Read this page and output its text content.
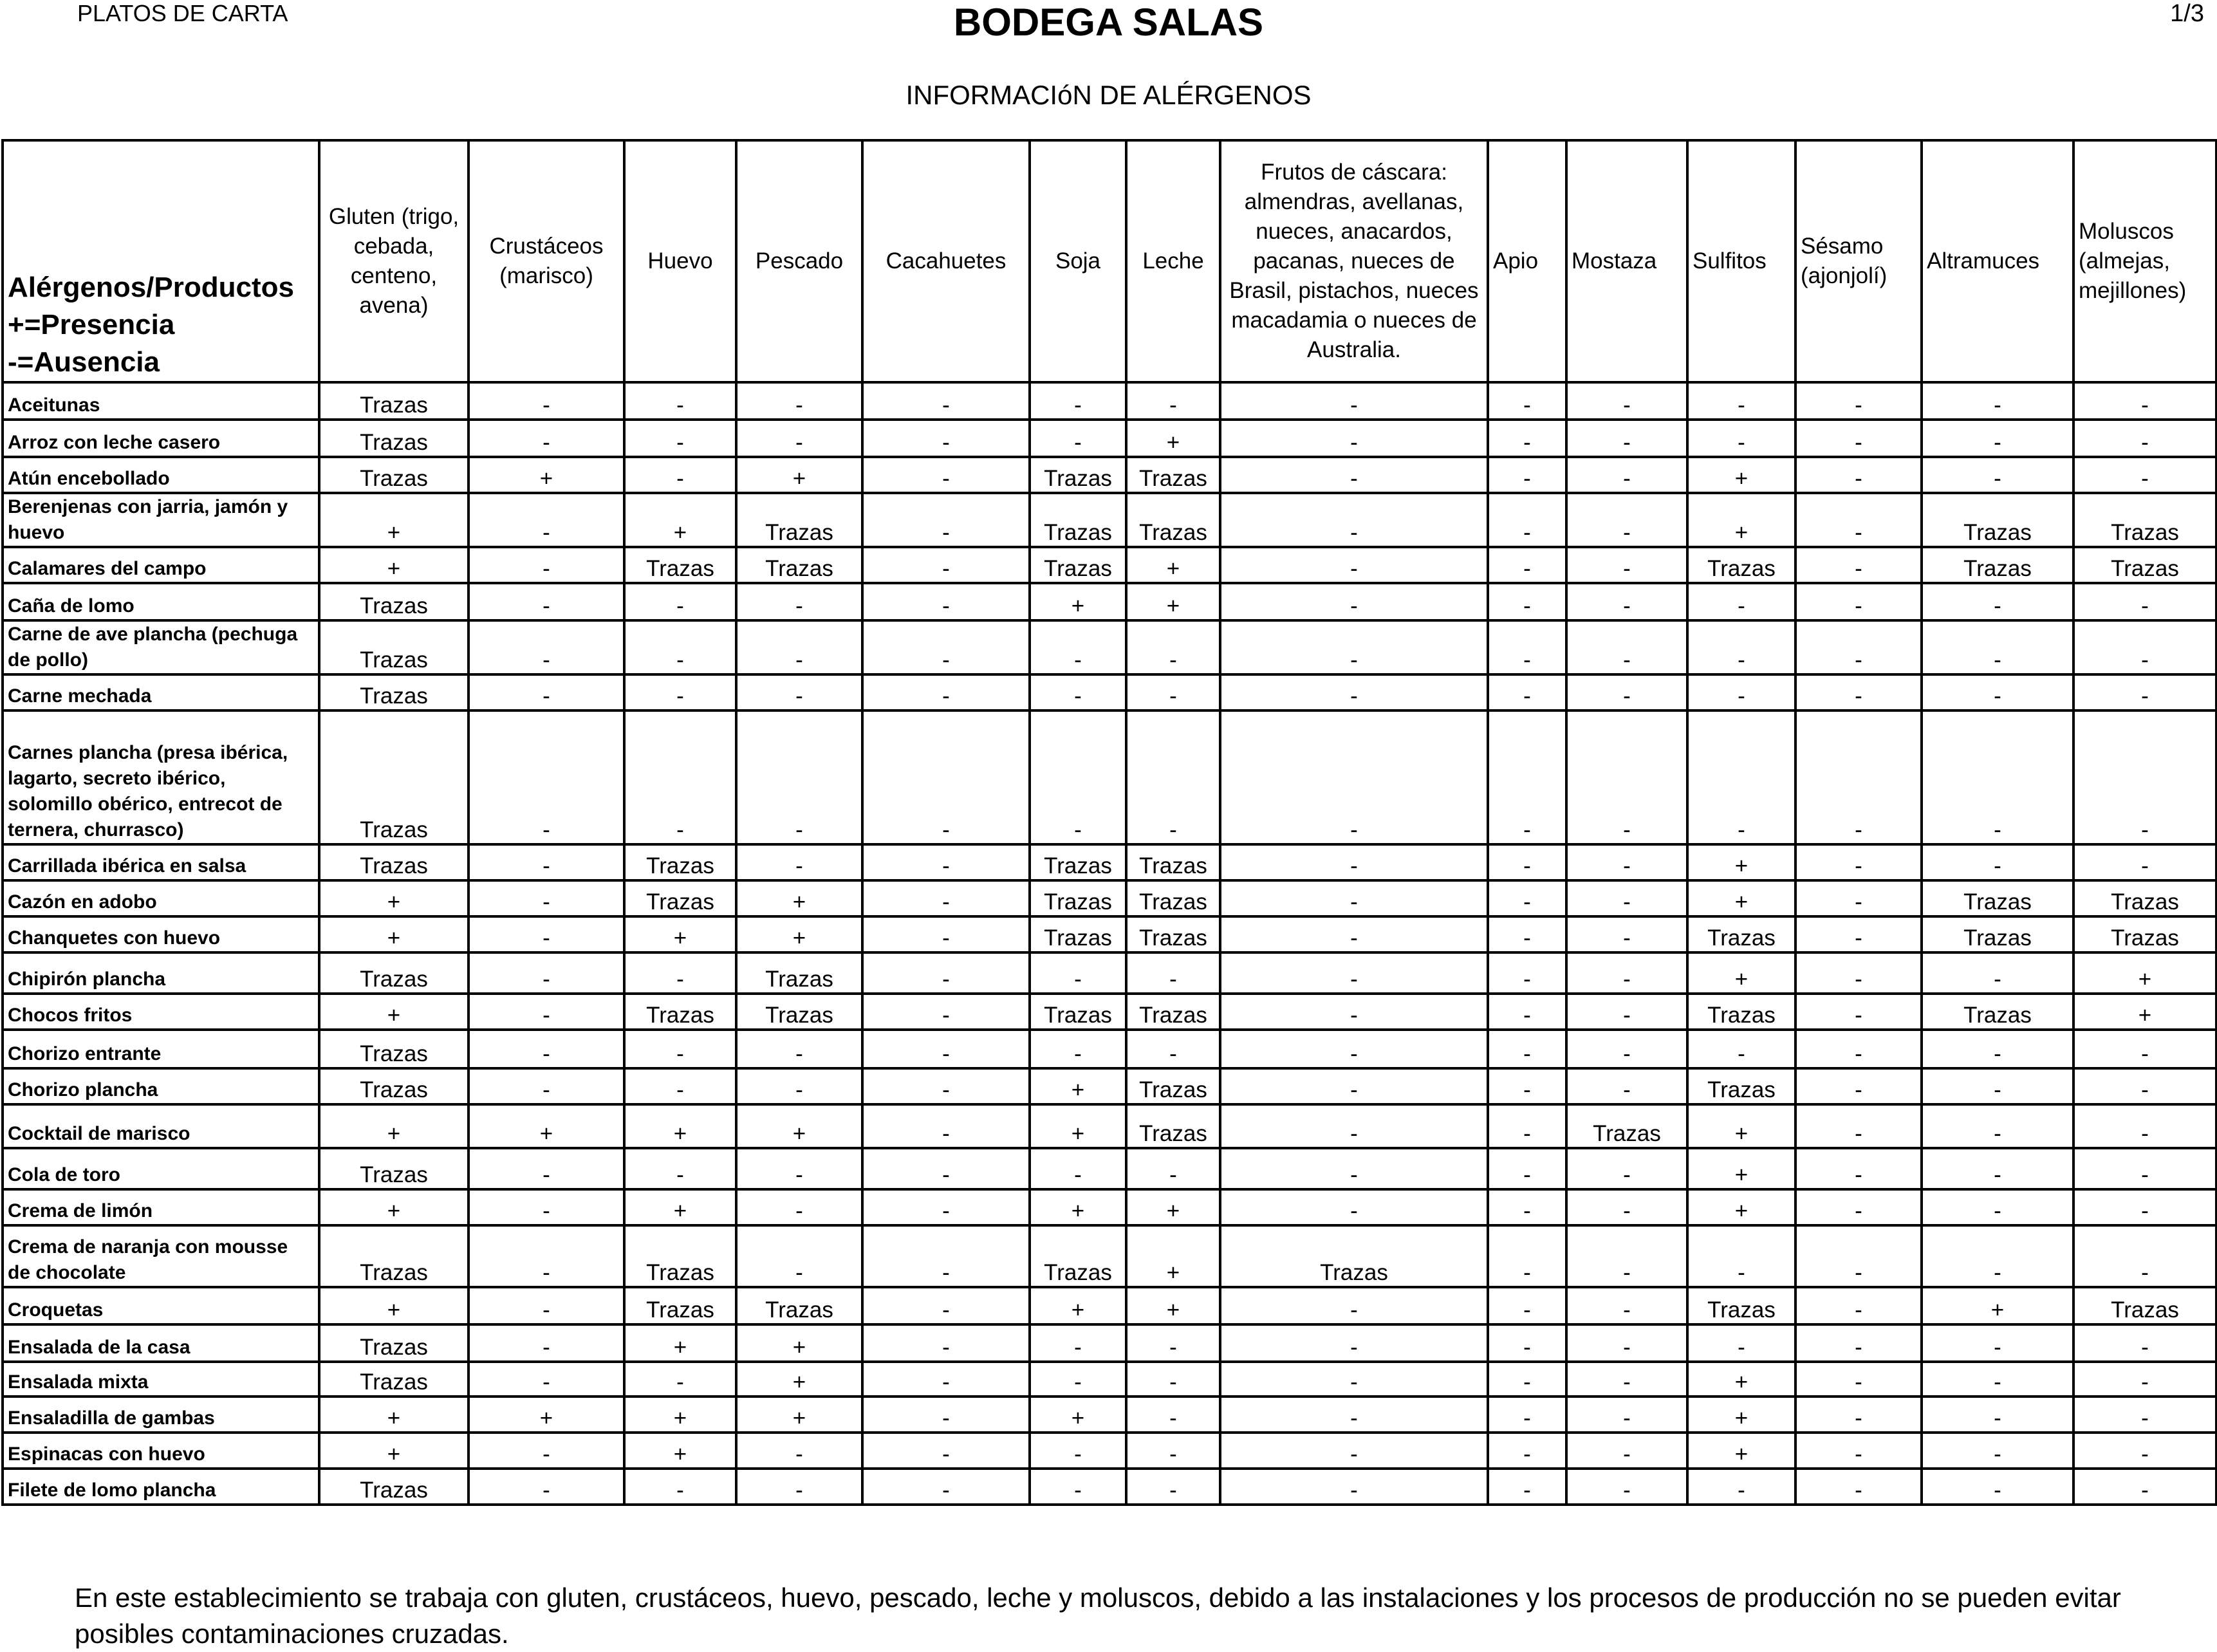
PLATOS DE CARTA	BODEGA SALAS	1/3
INFORMACIóN DE ALÉRGENOS
Alérgenos/Productos
+=Presencia
-=Ausencia	Gluten (trigo, cebada, centeno, avena)	Crustáceos (marisco)	Huevo	Pescado	Cacahuetes	Soja	Leche	Frutos de cáscara: almendras, avellanas, nueces, anacardos, pacanas, nueces de Brasil, pistachos, nueces macadamia o nueces de Australia.	Apio	Mostaza	Sulfitos	Sésamo (ajonjolí)	Altramuces	Moluscos (almejas, mejillones)
Aceitunas	Trazas	-	-	-	-	-	-	-	-	-	-	-	-	-
Arroz con leche casero	Trazas	-	-	-	-	-	+	-	-	-	-	-	-	-
Atún encebollado	Trazas	+	-	+	-	Trazas	Trazas	-	-	-	+	-	-	-
Berenjenas con jarria, jamón y huevo	+	-	+	Trazas	-	Trazas	Trazas	-	-	-	+	-	Trazas	Trazas
Calamares del campo	+	-	Trazas	Trazas	-	Trazas	+	-	-	-	Trazas	-	Trazas	Trazas
Caña de lomo	Trazas	-	-	-	-	+	+	-	-	-	-	-	-	-
Carne de ave plancha (pechuga de pollo)	Trazas	-	-	-	-	-	-	-	-	-	-	-	-	-
Carne mechada	Trazas	-	-	-	-	-	-	-	-	-	-	-	-	-
Carnes plancha (presa ibérica, lagarto, secreto ibérico, solomillo obérico, entrecot de ternera, churrasco)	Trazas	-	-	-	-	-	-	-	-	-	-	-	-	-
Carrillada ibérica en salsa	Trazas	-	Trazas	-	-	Trazas	Trazas	-	-	-	+	-	-	-
Cazón en adobo	+	-	Trazas	+	-	Trazas	Trazas	-	-	-	+	-	Trazas	Trazas
Chanquetes con huevo	+	-	+	+	-	Trazas	Trazas	-	-	-	Trazas	-	Trazas	Trazas
Chipirón plancha	Trazas	-	-	Trazas	-	-	-	-	-	-	+	-	-	+
Chocos fritos	+	-	Trazas	Trazas	-	Trazas	Trazas	-	-	-	Trazas	-	Trazas	+
Chorizo entrante	Trazas	-	-	-	-	-	-	-	-	-	-	-	-	-
Chorizo plancha	Trazas	-	-	-	-	+	Trazas	-	-	-	Trazas	-	-	-
Cocktail de marisco	+	+	+	+	-	+	Trazas	-	-	Trazas	+	-	-	-
Cola de toro	Trazas	-	-	-	-	-	-	-	-	-	+	-	-	-
Crema de limón	+	-	+	-	-	+	+	-	-	-	+	-	-	-
Crema de naranja con mousse de chocolate	Trazas	-	Trazas	-	-	Trazas	+	Trazas	-	-	-	-	-	-
Croquetas	+	-	Trazas	Trazas	-	+	+	-	-	-	Trazas	-	+	Trazas
Ensalada de la casa	Trazas	-	+	+	-	-	-	-	-	-	-	-	-	-
Ensalada mixta	Trazas	-	-	+	-	-	-	-	-	-	+	-	-	-
Ensaladilla de gambas	+	+	+	+	-	+	-	-	-	-	+	-	-	-
Espinacas con huevo	+	-	+	-	-	-	-	-	-	-	+	-	-	-
Filete de lomo plancha	Trazas	-	-	-	-	-	-	-	-	-	-	-	-	-
En este establecimiento se trabaja con gluten, crustáceos, huevo, pescado, leche y moluscos, debido a las instalaciones y los procesos de producción no se pueden evitar posibles contaminaciones cruzadas.
